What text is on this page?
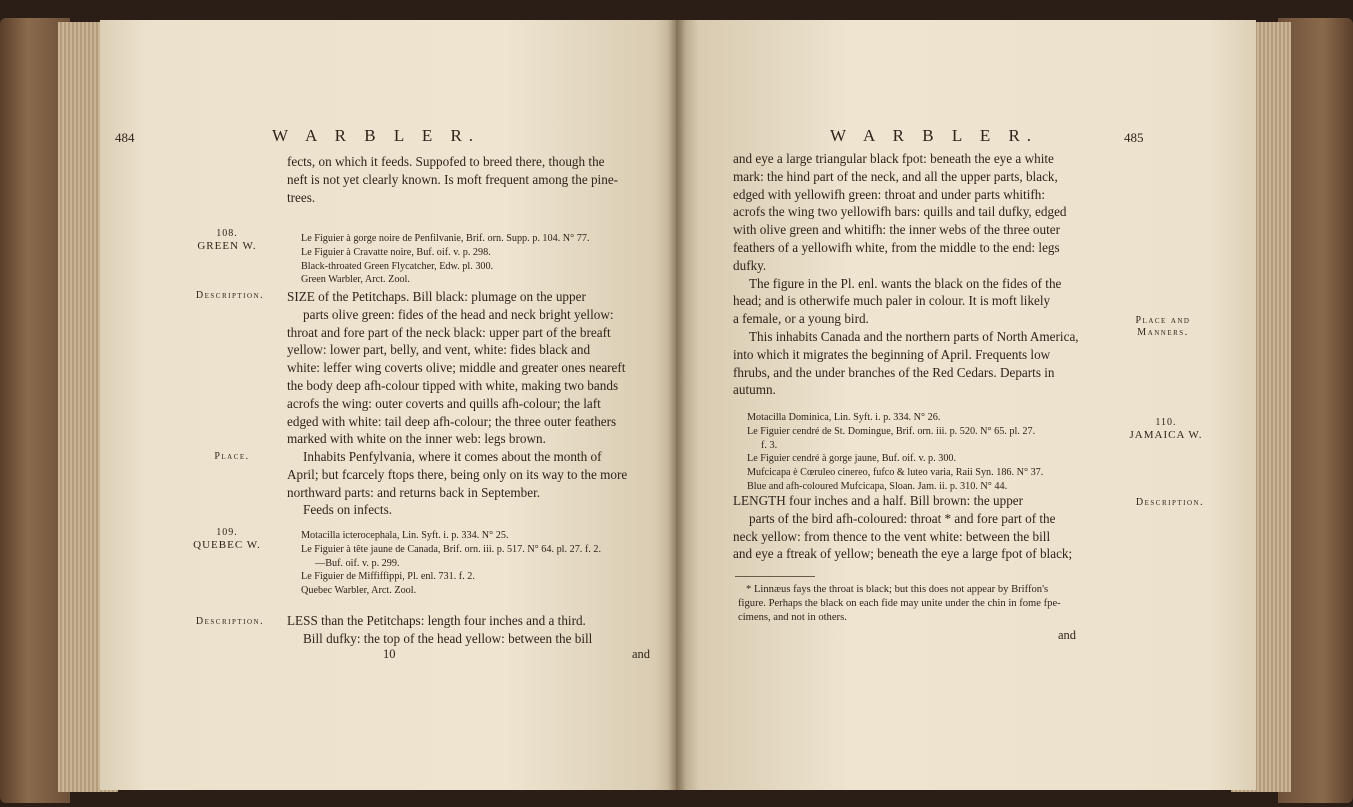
484	W A R B L E R.

fects, on which it feeds. Suppofed to breed there, though the

neft is not yet clearly known. Is moft frequent among the pine-

trees.

108.
GREEN W.
Le Figuier à gorge noire de Penfilvanie, Brif. orn. Supp. p. 104. N° 77.
Le Figuier à Cravatte noire, Buf. oif. v. p. 298.
Black-throated Green Flycatcher, Edw. pl. 300.
Green Warbler, Arct. Zool.
Description.	SIZE of the Petitchaps. Bill black: plumage on the upper

parts olive green: fides of the head and neck bright yellow:

throat and fore part of the neck black: upper part of the breaft

yellow: lower part, belly, and vent, white: fides black and

white: leffer wing coverts olive; middle and greater ones neareft

the body deep afh-colour tipped with white, making two bands

acrofs the wing: outer coverts and quills afh-colour; the laft

edged with white: tail deep afh-colour; the three outer feathers

marked with white on the inner web: legs brown.

Place.	Inhabits Penfylvania, where it comes about the month of

April; but fcarcely ftops there, being only on its way to the more

northward parts: and returns back in September.

Feeds on infects.

109.
QUEBEC W.
Motacilla icterocephala, Lin. Syft. i. p. 334. N° 25.
Le Figuier à tête jaune de Canada, Brif. orn. iii. p. 517. N° 64. pl. 27. f. 2.
—Buf. oif. v. p. 299.
Le Figuier de Miffiffippi, Pl. enl. 731. f. 2.
Quebec Warbler, Arct. Zool.
Description.	LESS than the Petitchaps: length four inches and a third.

Bill dufky: the top of the head yellow: between the bill

10	and
W A R B L E R.	485

and eye a large triangular black fpot: beneath the eye a white

mark: the hind part of the neck, and all the upper parts, black,

edged with yellowifh green: throat and under parts whitifh:

acrofs the wing two yellowifh bars: quills and tail dufky, edged

with olive green and whitifh: the inner webs of the three outer

feathers of a yellowifh white, from the middle to the end: legs

dufky.

The figure in the Pl. enl. wants the black on the fides of the

head; and is otherwife much paler in colour. It is moft likely

a female, or a young bird.

This inhabits Canada and the northern parts of North America,

into which it migrates the beginning of April. Frequents low

fhrubs, and the under branches of the Red Cedars. Departs in

autumn.

Place and
Manners.
Motacilla Dominica, Lin. Syft. i. p. 334. N° 26.
Le Figuier cendré de St. Domingue, Brif. orn. iii. p. 520. N° 65. pl. 27.
f. 3.
Le Figuier cendré à gorge jaune, Buf. oif. v. p. 300.
Mufcicapa è Cœruleo cinereo, fufco & luteo varia, Raii Syn. 186. N° 37.
Blue and afh-coloured Mufcicapa, Sloan. Jam. ii. p. 310. N° 44.
110.
JAMAICA W.

LENGTH four inches and a half. Bill brown: the upper

parts of the bird afh-coloured: throat * and fore part of the

neck yellow: from thence to the vent white: between the bill

and eye a ftreak of yellow; beneath the eye a large fpot of black;

Description.
* Linnæus fays the throat is black; but this does not appear by Briffon's
figure. Perhaps the black on each fide may unite under the chin in fome fpe-
cimens, and not in others.
and
